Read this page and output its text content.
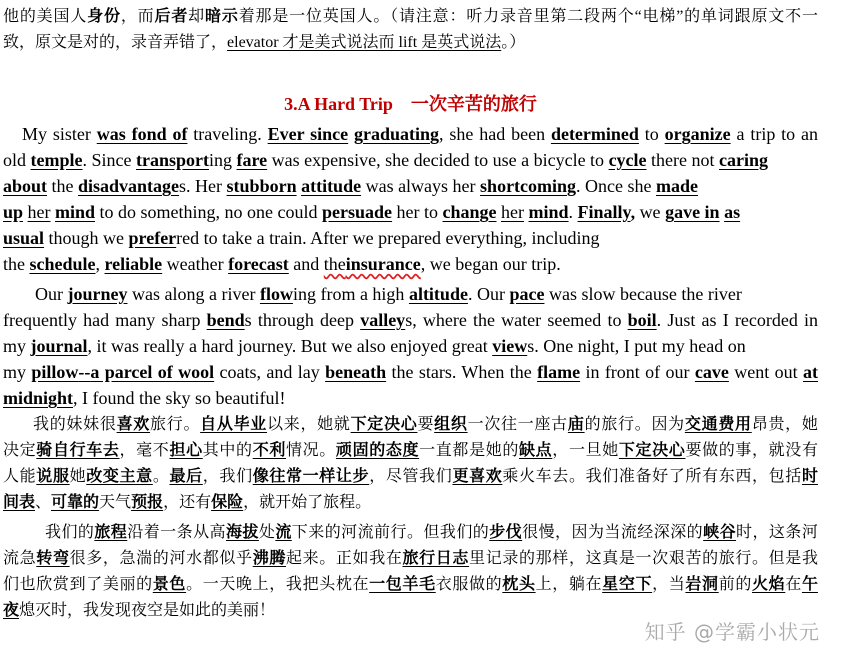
他的美国人身份，而后者却暗示着那是一位英国人。（请注意：听力录音里第二段两个“电梯”的单词跟原文不一
致，原文是对的，录音弄错了，elevator 才是美式说法而 lift 是英式说法。）
3.A Hard Trip　一次辛苦的旅行
My sister was fond of traveling. Ever since graduating, she had been determined to organize a trip to an
old temple. Since transporting fare was expensive, she decided to use a bicycle to cycle there not caring
about the disadvantages. Her stubborn attitude was always her shortcoming. Once she made
up her mind to do something, no one could persuade her to change her mind. Finally, we gave in as
usual though we preferred to take a train. After we prepared everything, including
the schedule, reliable weather forecast and theinsurance, we began our trip.
Our journey was along a river flowing from a high altitude. Our pace was slow because the river
frequently had many sharp bends through deep valleys, where the water seemed to boil. Just as I recorded in
my journal, it was really a hard journey. But we also enjoyed great views. One night, I put my head on
my pillow--a parcel of wool coats, and lay beneath the stars. When the flame in front of our cave went out at
midnight, I found the sky so beautiful!
我的妹妹很喜欢旅行。自从毕业以来，她就下定决心要组织一次往一座古庙的旅行。因为交通费用昂贵，她
决定骑自行车去，毫不担心其中的不利情况。顽固的态度一直都是她的缺点，一旦她下定决心要做的事，就没有
人能说服她改变主意。最后，我们像往常一样让步，尽管我们更喜欢乘火车去。我们准备好了所有东西，包括时
间表、可靠的天气预报，还有保险，就开始了旅程。
我们的旅程沿着一条从高海拔处流下来的河流前行。但我们的步伐很慢，因为当流经深深的峡谷时，这条河
流急转弯很多，急湍的河水都似乎沸腾起来。正如我在旅行日志里记录的那样，这真是一次艰苦的旅行。但是我
们也欣赏到了美丽的景色。一天晚上，我把头枕在一包羊毛衣服做的枕头上，躺在星空下，当岩洞前的火焰在午
夜熄灭时，我发现夜空是如此的美丽！
知乎 @学霸小状元
